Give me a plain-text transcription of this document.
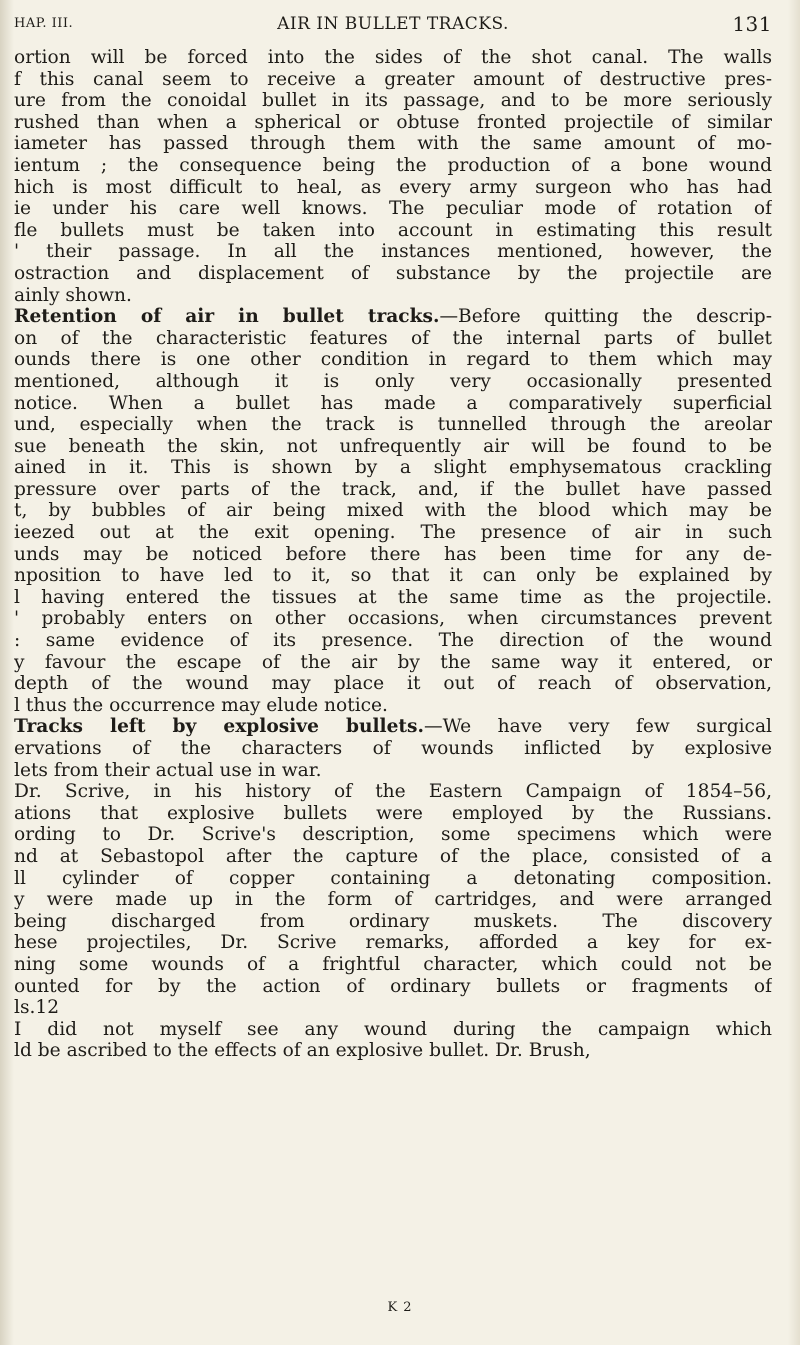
HAP. III.	AIR IN BULLET TRACKS.	131
ortion will be forced into the sides of the shot canal. The walls
f this canal seem to receive a greater amount of destructive pres-
ure from the conoidal bullet in its passage, and to be more seriously
rushed than when a spherical or obtuse fronted projectile of similar
iameter has passed through them with the same amount of mo-
ientum ; the consequence being the production of a bone wound
hich is most difficult to heal, as every army surgeon who has had
ie under his care well knows. The peculiar mode of rotation of
fle bullets must be taken into account in estimating this result
' their passage. In all the instances mentioned, however, the
ostraction and displacement of substance by the projectile are
ainly shown.
Retention of air in bullet tracks.—Before quitting the descrip-
on of the characteristic features of the internal parts of bullet
ounds there is one other condition in regard to them which may
mentioned, although it is only very occasionally presented
notice. When a bullet has made a comparatively superficial
und, especially when the track is tunnelled through the areolar
sue beneath the skin, not unfrequently air will be found to be
ained in it. This is shown by a slight emphysematous crackling
pressure over parts of the track, and, if the bullet have passed
t, by bubbles of air being mixed with the blood which may be
ieezed out at the exit opening. The presence of air in such
unds may be noticed before there has been time for any de-
nposition to have led to it, so that it can only be explained by
l having entered the tissues at the same time as the projectile.
' probably enters on other occasions, when circumstances prevent
: same evidence of its presence. The direction of the wound
y favour the escape of the air by the same way it entered, or
depth of the wound may place it out of reach of observation,
l thus the occurrence may elude notice.
Tracks left by explosive bullets.—We have very few surgical
ervations of the characters of wounds inflicted by explosive
lets from their actual use in war.
Dr. Scrive, in his history of the Eastern Campaign of 1854–56,
ations that explosive bullets were employed by the Russians.
ording to Dr. Scrive's description, some specimens which were
nd at Sebastopol after the capture of the place, consisted of a
ll cylinder of copper containing a detonating composition.
y were made up in the form of cartridges, and were arranged
being discharged from ordinary muskets. The discovery
hese projectiles, Dr. Scrive remarks, afforded a key for ex-
ning some wounds of a frightful character, which could not be
ounted for by the action of ordinary bullets or fragments of
ls.12
I did not myself see any wound during the campaign which
ld be ascribed to the effects of an explosive bullet. Dr. Brush,
K 2
